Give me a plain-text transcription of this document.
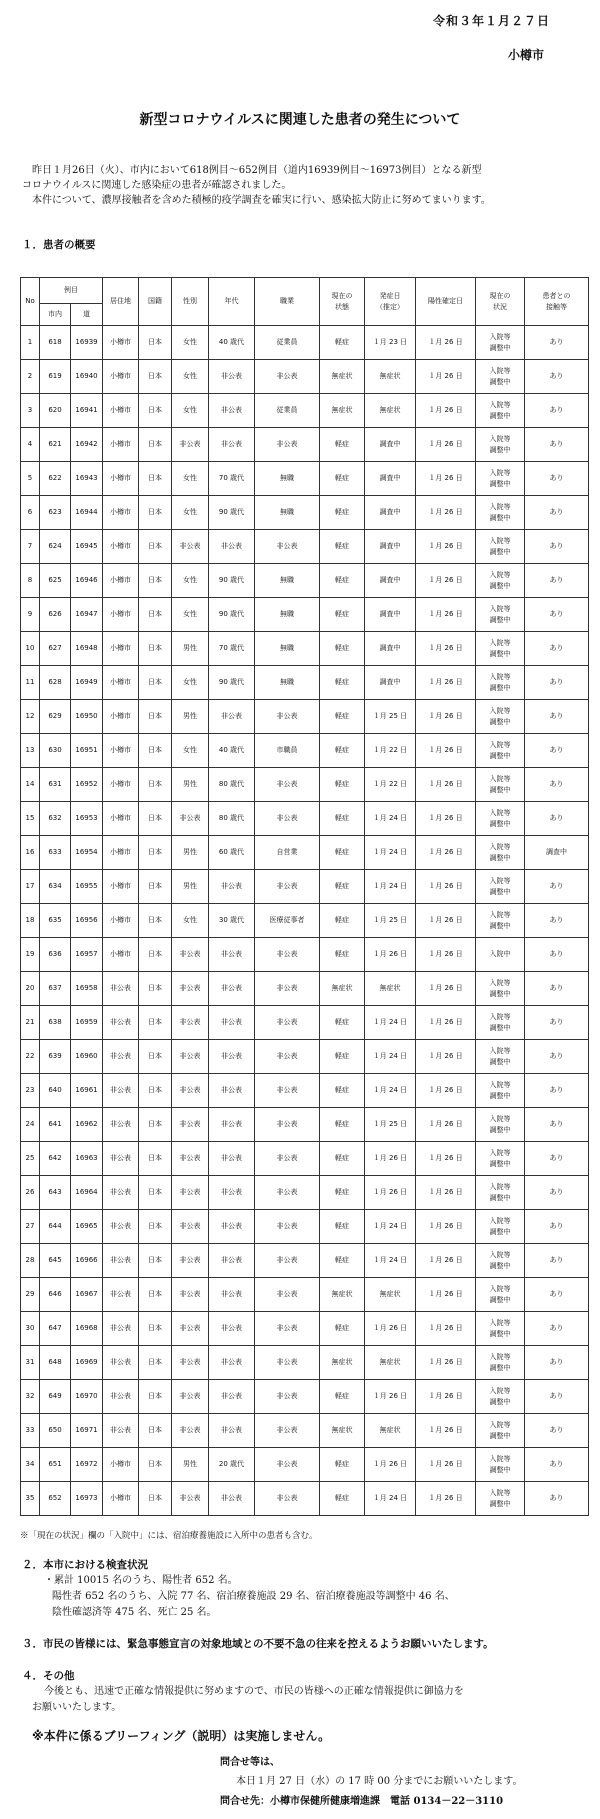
令和３年１月２７日
小樽市
新型コロナウイルスに関連した患者の発生について

昨日１月26日（火）、市内において618例目～652例目（道内16939例目～16973例目）となる新型

コロナウイルスに関連した感染症の患者が確認されました。

本件について、濃厚接触者を含めた積極的疫学調査を確実に行い、感染拡大防止に努めてまいります。

１．患者の概要
No	例目		居住地	国籍	性別	年代	職業	現在の
状態	発症日
（推定）	陽性確定日	現在の
状況	患者との
接触等
	市内	道										
1	618	16939	小樽市	日本	女性	40 歳代	従業員	軽症	１月 23 日	１月 26 日	入院等
調整中	あり
2	619	16940	小樽市	日本	女性	非公表	非公表	無症状	無症状	１月 26 日	入院等
調整中	あり
3	620	16941	小樽市	日本	女性	非公表	従業員	無症状	無症状	１月 26 日	入院等
調整中	あり
4	621	16942	小樽市	日本	非公表	非公表	非公表	軽症	調査中	１月 26 日	入院等
調整中	あり
5	622	16943	小樽市	日本	女性	70 歳代	無職	軽症	調査中	１月 26 日	入院等
調整中	あり
6	623	16944	小樽市	日本	女性	90 歳代	無職	軽症	調査中	１月 26 日	入院等
調整中	あり
7	624	16945	小樽市	日本	非公表	非公表	非公表	軽症	調査中	１月 26 日	入院等
調整中	あり
8	625	16946	小樽市	日本	女性	90 歳代	無職	軽症	調査中	１月 26 日	入院等
調整中	あり
9	626	16947	小樽市	日本	女性	90 歳代	無職	軽症	調査中	１月 26 日	入院等
調整中	あり
10	627	16948	小樽市	日本	男性	70 歳代	無職	軽症	調査中	１月 26 日	入院等
調整中	あり
11	628	16949	小樽市	日本	女性	90 歳代	無職	軽症	調査中	１月 26 日	入院等
調整中	あり
12	629	16950	小樽市	日本	男性	非公表	非公表	軽症	１月 25 日	１月 26 日	入院等
調整中	あり
13	630	16951	小樽市	日本	女性	40 歳代	市職員	軽症	１月 22 日	１月 26 日	入院等
調整中	あり
14	631	16952	小樽市	日本	男性	80 歳代	非公表	軽症	１月 22 日	１月 26 日	入院等
調整中	あり
15	632	16953	小樽市	日本	非公表	80 歳代	非公表	軽症	１月 24 日	１月 26 日	入院等
調整中	あり
16	633	16954	小樽市	日本	男性	60 歳代	自営業	軽症	１月 24 日	１月 26 日	入院等
調整中	調査中
17	634	16955	小樽市	日本	男性	非公表	非公表	軽症	１月 24 日	１月 26 日	入院等
調整中	あり
18	635	16956	小樽市	日本	女性	30 歳代	医療従事者	軽症	１月 25 日	１月 26 日	入院等
調整中	あり
19	636	16957	小樽市	日本	非公表	非公表	非公表	軽症	１月 26 日	１月 26 日	入院中	あり
20	637	16958	非公表	日本	非公表	非公表	非公表	無症状	無症状	１月 26 日	入院等
調整中	あり
21	638	16959	非公表	日本	非公表	非公表	非公表	軽症	１月 24 日	１月 26 日	入院等
調整中	あり
22	639	16960	非公表	日本	非公表	非公表	非公表	軽症	１月 24 日	１月 26 日	入院等
調整中	あり
23	640	16961	非公表	日本	非公表	非公表	非公表	軽症	１月 24 日	１月 26 日	入院等
調整中	あり
24	641	16962	非公表	日本	非公表	非公表	非公表	軽症	１月 25 日	１月 26 日	入院等
調整中	あり
25	642	16963	非公表	日本	非公表	非公表	非公表	軽症	１月 26 日	１月 26 日	入院等
調整中	あり
26	643	16964	非公表	日本	非公表	非公表	非公表	軽症	１月 26 日	１月 26 日	入院等
調整中	あり
27	644	16965	非公表	日本	非公表	非公表	非公表	軽症	１月 24 日	１月 26 日	入院等
調整中	あり
28	645	16966	非公表	日本	非公表	非公表	非公表	軽症	１月 24 日	１月 26 日	入院等
調整中	あり
29	646	16967	非公表	日本	非公表	非公表	非公表	無症状	無症状	１月 26 日	入院等
調整中	あり
30	647	16968	非公表	日本	非公表	非公表	非公表	軽症	１月 26 日	１月 26 日	入院等
調整中	あり
31	648	16969	非公表	日本	非公表	非公表	非公表	無症状	無症状	１月 26 日	入院等
調整中	あり
32	649	16970	非公表	日本	非公表	非公表	非公表	軽症	１月 26 日	１月 26 日	入院等
調整中	あり
33	650	16971	非公表	日本	非公表	非公表	非公表	無症状	無症状	１月 26 日	入院等
調整中	あり
34	651	16972	小樽市	日本	男性	20 歳代	非公表	軽症	１月 26 日	１月 26 日	入院等
調整中	あり
35	652	16973	小樽市	日本	非公表	非公表	非公表	軽症	１月 24 日	１月 26 日	入院等
調整中	あり
※「現在の状況」欄の「入院中」には、宿泊療養施設に入所中の患者も含む。
２．本市における検査状況
・累計 10015 名のうち、陽性者 652 名。
陽性者 652 名のうち、入院 77 名、宿泊療養施設 29 名、宿泊療養施設等調整中 46 名、
陰性確認済等 475 名、死亡 25 名。
３．市民の皆様には、緊急事態宣言の対象地域との不要不急の往来を控えるようお願いいたします。
４．その他
今後とも、迅速で正確な情報提供に努めますので、市民の皆様への正確な情報提供に御協力を
お願いいたします。
※本件に係るブリーフィング（説明）は実施しません。
問合せ等は、
本日１月 27 日（水）の 17 時 00 分までにお願いいたします。
問合せ先：小樽市保健所健康増進課　電話 0134－22－3110
